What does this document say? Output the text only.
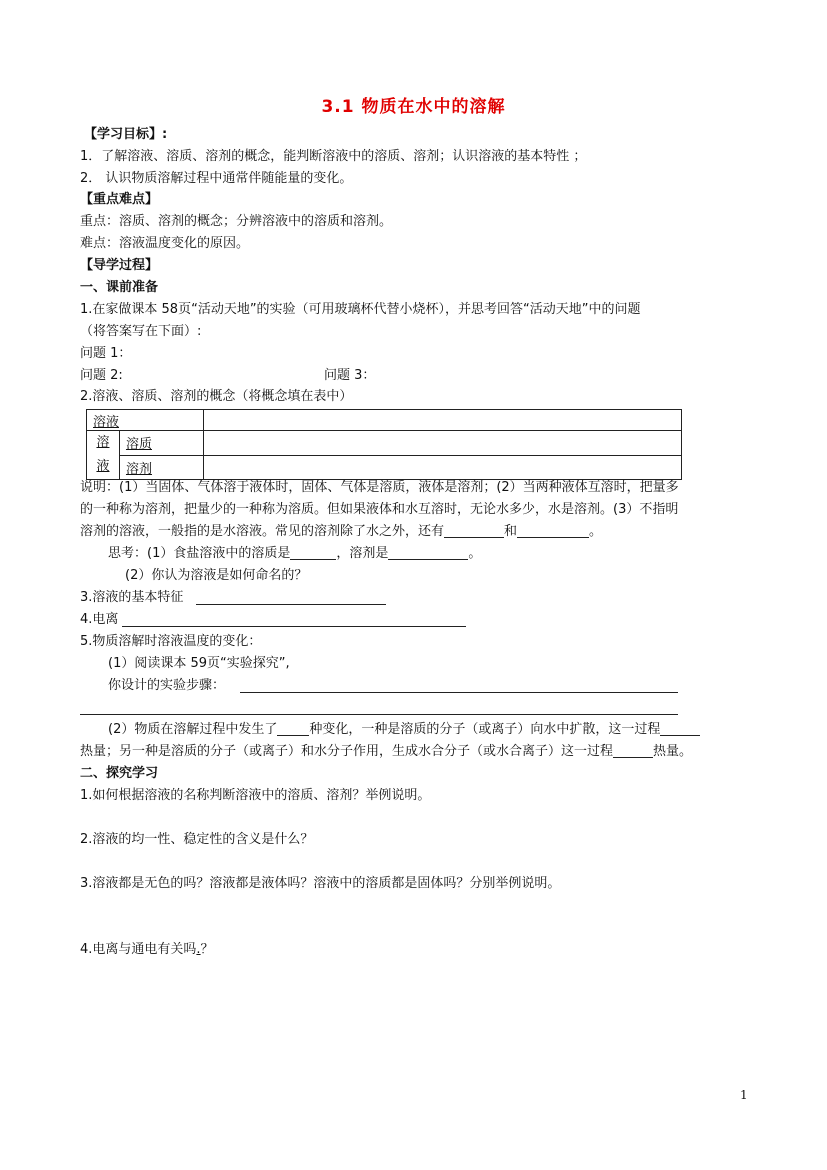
3.1 物质在水中的溶解
【学习目标】:
1．了解溶液、溶质、溶剂的概念，能判断溶液中的溶质、溶剂；认识溶液的基本特性 ；
2． 认识物质溶解过程中通常伴随能量的变化。
【重点难点】
重点：溶质、溶剂的概念；分辨溶液中的溶质和溶剂。
难点：溶液温度变化的原因。
【导学过程】
一、课前准备
1.在家做课本 58页“活动天地”的实验（可用玻璃杯代替小烧杯），并思考回答“活动天地”中的问题
（将答案写在下面）:
问题 1：
问题 2:	问题 3：
2.溶液、溶质、溶剂的概念（将概念填在表中）
溶液		
溶
液	溶质	
	溶剂	
说明：(1）当固体、气体溶于液体时，固体、气体是溶质，液体是溶剂；(2）当两种液体互溶时，把量多
的一种称为溶剂，把量少的一种称为溶质。但如果液体和水互溶时，无论水多少，水是溶剂。(3）不指明
溶剂的溶液，一般指的是水溶液。常见的溶剂除了水之外，还有	和	。
思考：(1）食盐溶液中的溶质是	，溶剂是	。
(2）你认为溶液是如何命名的？
3.溶液的基本特征
4.电离
5.物质溶解时溶液温度的变化：
(1）阅读课本 59页“实验探究”,
你设计的实验步骤：
(2）物质在溶解过程中发生了 种变化，一种是溶质的分子（或离子）向水中扩散，这一过程
热量；另一种是溶质的分子（或离子）和水分子作用，生成水合分子（或水合离子）这一过程	热量。
二、探究学习
1.如何根据溶液的名称判断溶液中的溶质、溶剂？举例说明。
2.溶液的均一性、稳定性的含义是什么？
3.溶液都是无色的吗？溶液都是液体吗？溶液中的溶质都是固体吗？分别举例说明。
4.电离与通电有关吗.？
1
